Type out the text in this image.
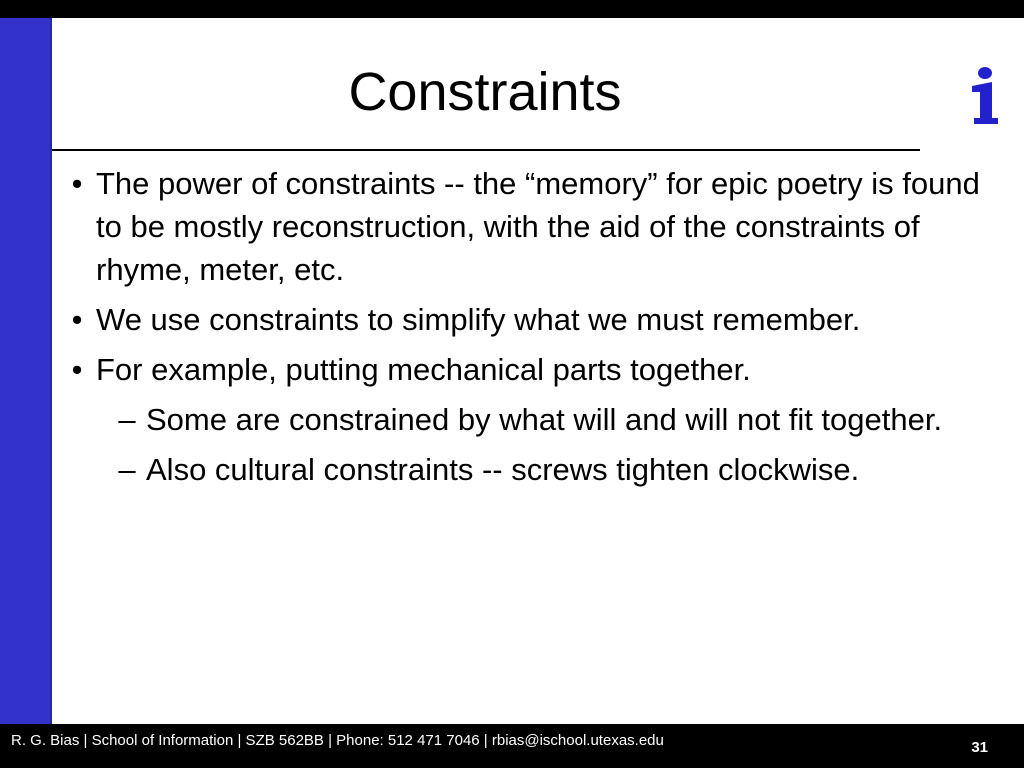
Constraints
• The power of constraints -- the “memory” for epic poetry is found to be mostly reconstruction, with the aid of the constraints of rhyme, meter, etc.
• We use constraints to simplify what we must remember.
• For example, putting mechanical parts together.
– Some are constrained by what will and will not fit together.
– Also cultural constraints -- screws tighten clockwise.
R. G. Bias | School of Information | SZB 562BB | Phone: 512 471 7046 | rbias@ischool.utexas.edu	31
